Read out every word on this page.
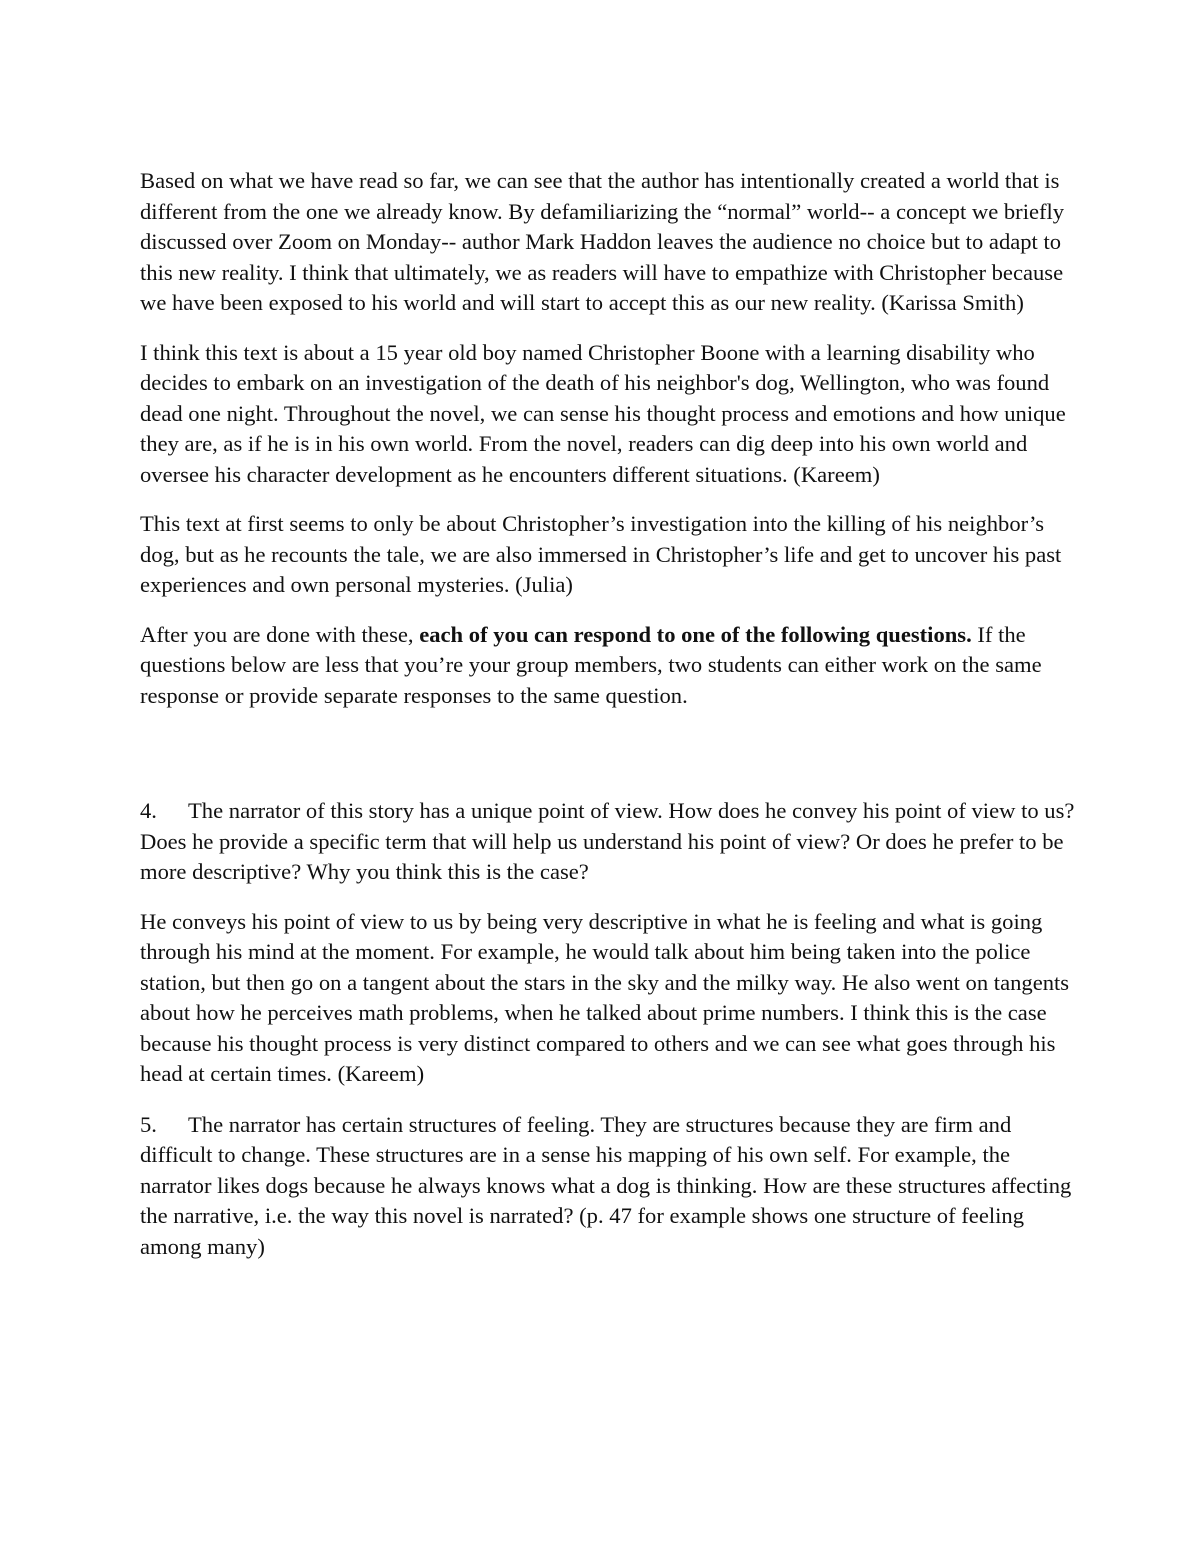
Based on what we have read so far, we can see that the author has intentionally created a world that is different from the one we already know. By defamiliarizing the “normal” world-- a concept we briefly discussed over Zoom on Monday-- author Mark Haddon leaves the audience no choice but to adapt to this new reality. I think that ultimately, we as readers will have to empathize with Christopher because we have been exposed to his world and will start to accept this as our new reality. (Karissa Smith)

I think this text is about a 15 year old boy named Christopher Boone with a learning disability who decides to embark on an investigation of the death of his neighbor's dog, Wellington, who was found dead one night. Throughout the novel, we can sense his thought process and emotions and how unique they are, as if he is in his own world. From the novel, readers can dig deep into his own world and oversee his character development as he encounters different situations. (Kareem)

This text at first seems to only be about Christopher’s investigation into the killing of his neighbor’s dog, but as he recounts the tale, we are also immersed in Christopher’s life and get to uncover his past experiences and own personal mysteries. (Julia)

After you are done with these, each of you can respond to one of the following questions. If the questions below are less that you’re your group members, two students can either work on the same response or provide separate responses to the same question.

4. The narrator of this story has a unique point of view. How does he convey his point of view to us? Does he provide a specific term that will help us understand his point of view? Or does he prefer to be more descriptive? Why you think this is the case?

He conveys his point of view to us by being very descriptive in what he is feeling and what is going through his mind at the moment. For example, he would talk about him being taken into the police station, but then go on a tangent about the stars in the sky and the milky way. He also went on tangents about how he perceives math problems, when he talked about prime numbers. I think this is the case because his thought process is very distinct compared to others and we can see what goes through his head at certain times. (Kareem)

5. The narrator has certain structures of feeling. They are structures because they are firm and difficult to change. These structures are in a sense his mapping of his own self. For example, the narrator likes dogs because he always knows what a dog is thinking. How are these structures affecting the narrative, i.e. the way this novel is narrated? (p. 47 for example shows one structure of feeling among many)
